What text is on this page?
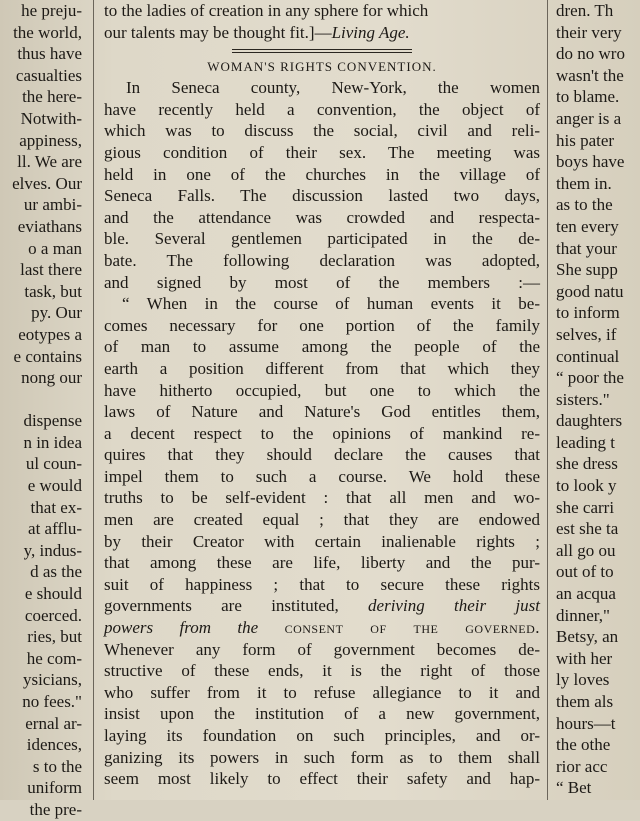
he preju-
the world,
thus have
casualties
the here-
Notwith-
appiness,
ll. We are
elves. Our
ur ambi-
eviathans
o a man
last there
task, but
py. Our
eotypes a
e contains
nong our
dispense
n in idea
ul coun-
e would
that ex-
at afflu-
y, indus-
d as the
e should
coerced.
ries, but
he com-
ysicians,
no fees."
ernal ar-
idences,
s to the
uniform
the pre-
to the ladies of creation in any sphere for which
our talents may be thought fit.]—Living Age.
WOMAN'S RIGHTS CONVENTION.
In Seneca county, New-York, the women
have recently held a convention, the object of
which was to discuss the social, civil and reli-
gious condition of their sex. The meeting was
held in one of the churches in the village of
Seneca Falls. The discussion lasted two days,
and the attendance was crowded and respecta-
ble. Several gentlemen participated in the de-
bate. The following declaration was adopted,
and signed by most of the members :—
“ When in the course of human events it be-
comes necessary for one portion of the family
of man to assume among the people of the
earth a position different from that which they
have hitherto occupied, but one to which the
laws of Nature and Nature's God entitles them,
a decent respect to the opinions of mankind re-
quires that they should declare the causes that
impel them to such a course. We hold these
truths to be self-evident : that all men and wo-
men are created equal ; that they are endowed
by their Creator with certain inalienable rights ;
that among these are life, liberty and the pur-
suit of happiness ; that to secure these rights
governments are instituted, deriving their just
powers from the consent of the governed.
Whenever any form of government becomes de-
structive of these ends, it is the right of those
who suffer from it to refuse allegiance to it and
insist upon the institution of a new government,
laying its foundation on such principles, and or-
ganizing its powers in such form as to them shall
seem most likely to effect their safety and hap-
dren. Th
their very
do no wro
wasn't the
to blame.
anger is a
his pater
boys have
them in.
as to the
ten every
that your
She supp
good natu
to inform
selves, if
continual
“ poor the
sisters."
daughters
leading t
she dress
to look y
she carri
est she ta
all go ou
out of to
an acqua
dinner,"
Betsy, an
with her
ly loves
them als
hours—t
the othe
rior acc
“ Bet
